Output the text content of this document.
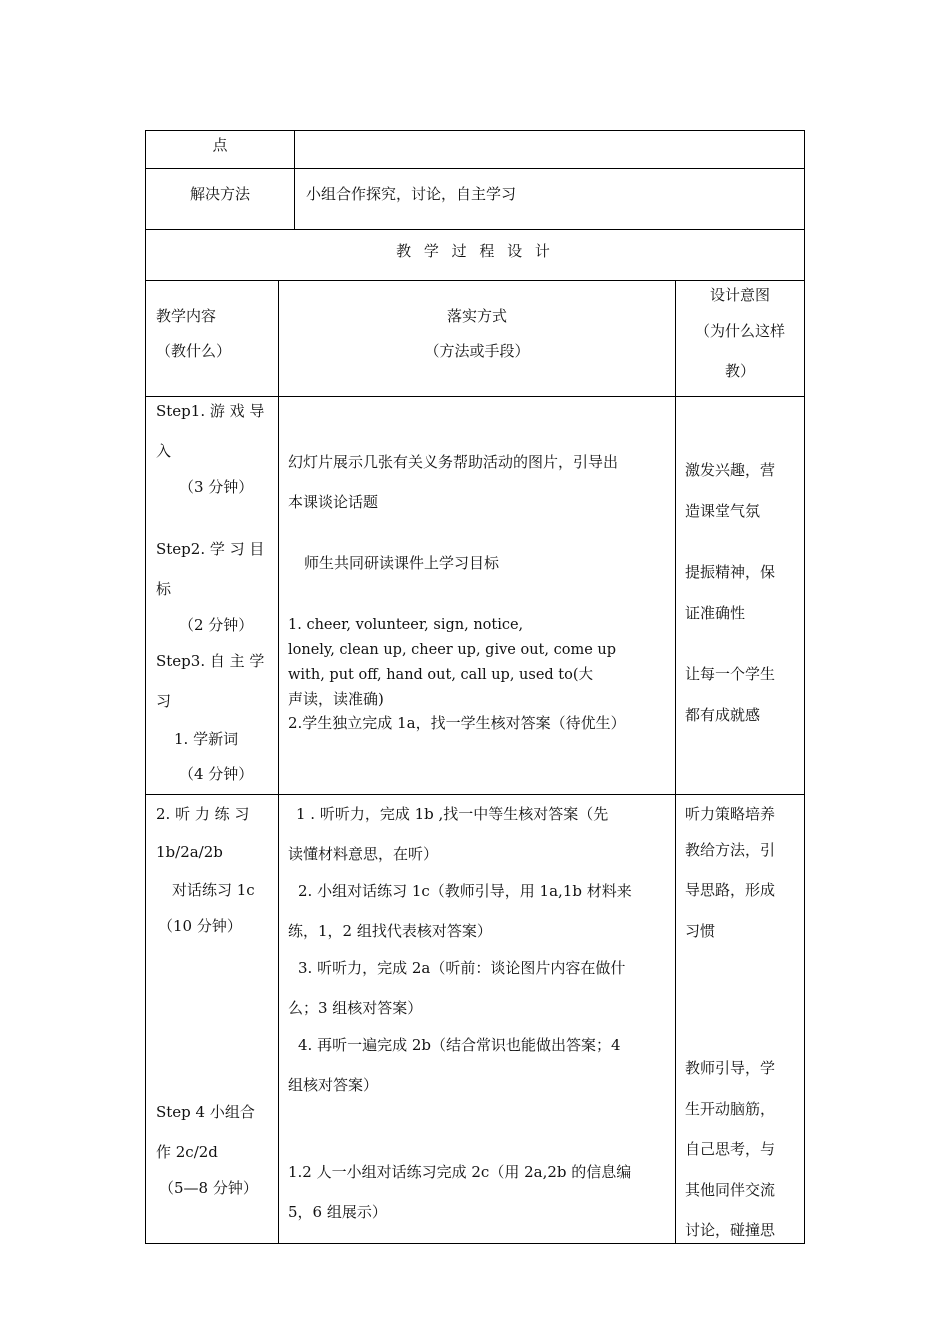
点
解决方法	小组合作探究，讨论，自主学习
教 学 过 程 设 计
教学内容
（教什么）
落实方式
（方法或手段）
设计意图
（为什么这样
教）
Step1. 游 戏 导
入
（3 分钟）
Step2. 学 习 目
标
（2 分钟）
Step3. 自 主 学
习
1. 学新词
（4 分钟）
幻灯片展示几张有关义务帮助活动的图片，引导出
本课谈论话题
师生共同研读课件上学习目标
1. cheer, volunteer, sign, notice,
lonely, clean up, cheer up, give out, come up
with, put off, hand out, call up, used to(大
声读，读准确)
2.学生独立完成 1a，找一学生核对答案（待优生）
激发兴趣，营
造课堂气氛
提振精神，保
证准确性
让每一个学生
都有成就感
2. 听 力 练 习
1b/2a/2b
对话练习 1c
（10 分钟）
Step 4 小组合
作 2c/2d
（5—8 分钟）
1 . 听听力，完成 1b ,找一中等生核对答案（先
读懂材料意思，在听）
2. 小组对话练习 1c（教师引导，用 1a,1b 材料来
练，1，2 组找代表核对答案）
3. 听听力，完成 2a（听前：谈论图片内容在做什
么；3 组核对答案）
4. 再听一遍完成 2b（结合常识也能做出答案；4
组核对答案）
1.2 人一小组对话练习完成 2c（用 2a,2b 的信息编
5，6 组展示）
听力策略培养
教给方法，引
导思路，形成
习惯
教师引导，学
生开动脑筋，
自己思考，与
其他同伴交流
讨论，碰撞思
